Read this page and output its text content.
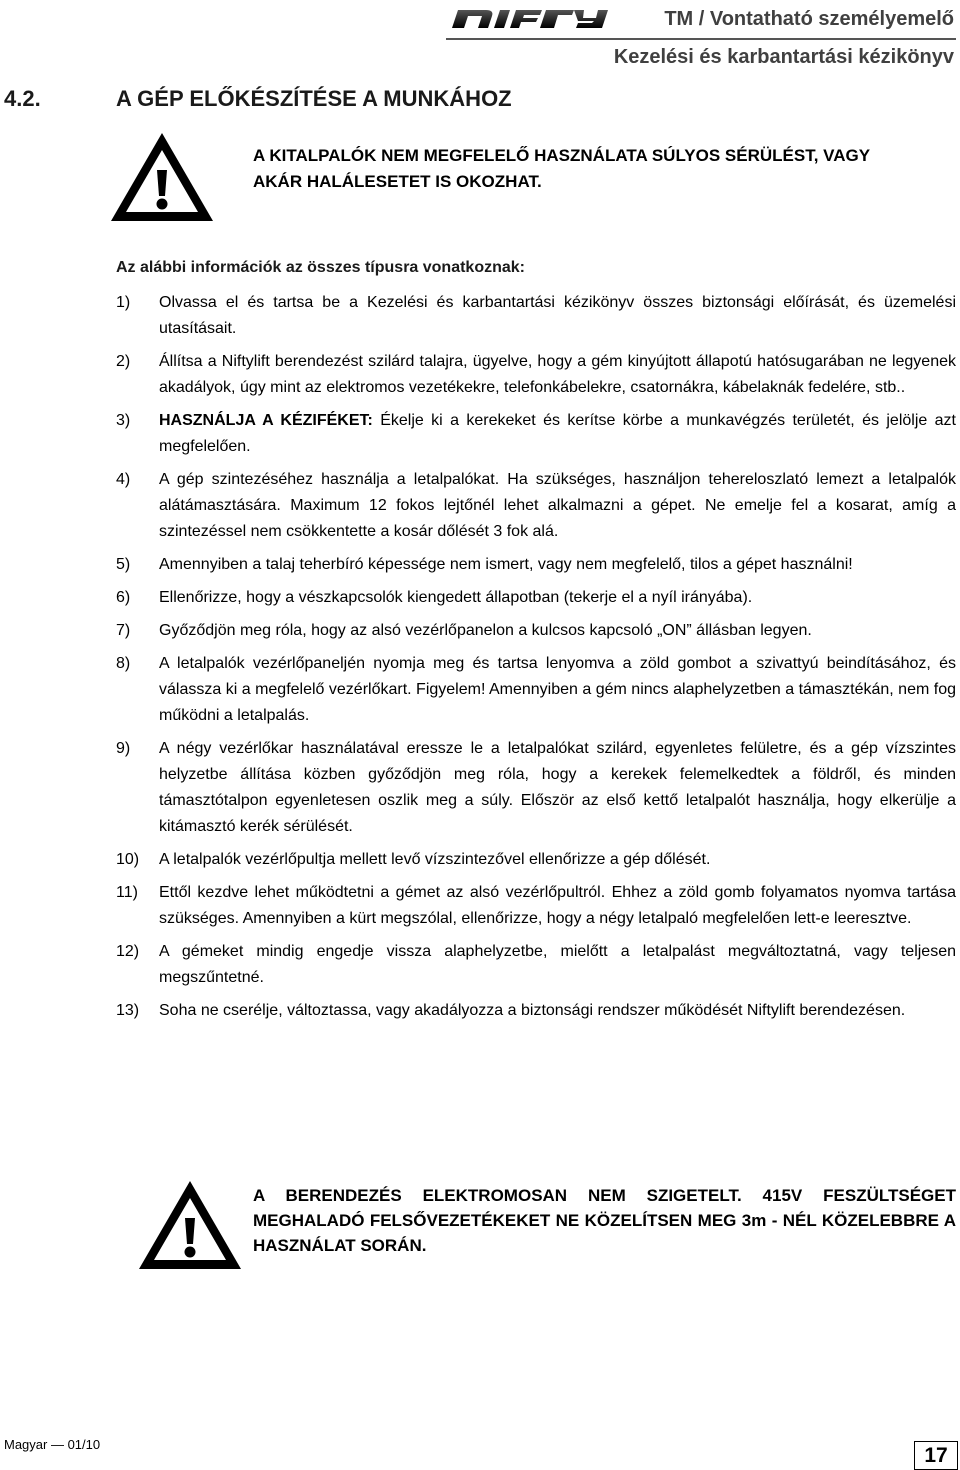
TM / Vontatható személyemelő
Kezelési és karbantartási kézikönyv
4.2.	A GÉP ELŐKÉSZÍTÉSE A MUNKÁHOZ
A KITALPALÓK NEM MEGFELELŐ HASZNÁLATA SÚLYOS SÉRÜLÉST, VAGY AKÁR HALÁLESETET IS OKOZHAT.
Az alábbi információk az összes típusra vonatkoznak:
1) Olvassa el és tartsa be a Kezelési és karbantartási kézikönyv összes biztonsági előírását, és üzemelési utasításait.
2) Állítsa a Niftylift berendezést szilárd talajra, ügyelve, hogy a gém kinyújtott állapotú hatósugarában ne legyenek akadályok, úgy mint az elektromos vezetékekre, telefonkábelekre, csatornákra, kábelaknák fedelére, stb..
3) HASZNÁLJA A KÉZIFÉKET: Ékelje ki a kerekeket és kerítse körbe a munkavégzés területét, és jelölje azt megfelelően.
4) A gép szintezéséhez használja a letalpalókat. Ha szükséges, használjon tehereloszlató lemezt a letalpalók alátámasztására. Maximum 12 fokos lejtőnél lehet alkalmazni a gépet. Ne emelje fel a kosarat, amíg a szintezéssel nem csökkentette a kosár dőlését 3 fok alá.
5) Amennyiben a talaj teherbíró képessége nem ismert, vagy nem megfelelő, tilos a gépet használni!
6) Ellenőrizze, hogy a vészkapcsolók kiengedett állapotban (tekerje el a nyíl irányába).
7) Győződjön meg róla, hogy az alsó vezérlőpanelon a kulcsos kapcsoló „ON” állásban legyen.
8) A letalpalók vezérlőpaneljén nyomja meg és tartsa lenyomva a zöld gombot a szivattyú beindításához, és válassza ki a megfelelő vezérlőkart. Figyelem! Amennyiben a gém nincs alaphelyzetben a támasztékán, nem fog működni a letalpalás.
9) A négy vezérlőkar használatával eressze le a letalpalókat szilárd, egyenletes felületre, és a gép vízszintes helyzetbe állítása közben győződjön meg róla, hogy a kerekek felemelkedtek a földről, és minden támasztótalpon egyenletesen oszlik meg a súly. Először az első kettő letalpalót használja, hogy elkerülje a kitámasztó kerék sérülését.
10) A letalpalók vezérlőpultja mellett levő vízszintezővel ellenőrizze a gép dőlését.
11) Ettől kezdve lehet működtetni a gémet az alsó vezérlőpultról. Ehhez a zöld gomb folyamatos nyomva tartása szükséges. Amennyiben a kürt megszólal, ellenőrizze, hogy a négy letalpaló megfelelően lett-e leeresztve.
12) A gémeket mindig engedje vissza alaphelyzetbe, mielőtt a letalpalást megváltoztatná, vagy teljesen megszűntetné.
13) Soha ne cserélje, változtassa, vagy akadályozza a biztonsági rendszer működését Niftylift berendezésen.
A BERENDEZÉS ELEKTROMOSAN NEM SZIGETELT. 415V FESZÜLTSÉGET MEGHALADÓ FELSŐVEZETÉKEKET NE KÖZELÍTSEN MEG 3m - NÉL KÖZELEBBRE A HASZNÁLAT SORÁN.
Magyar — 01/10	17
